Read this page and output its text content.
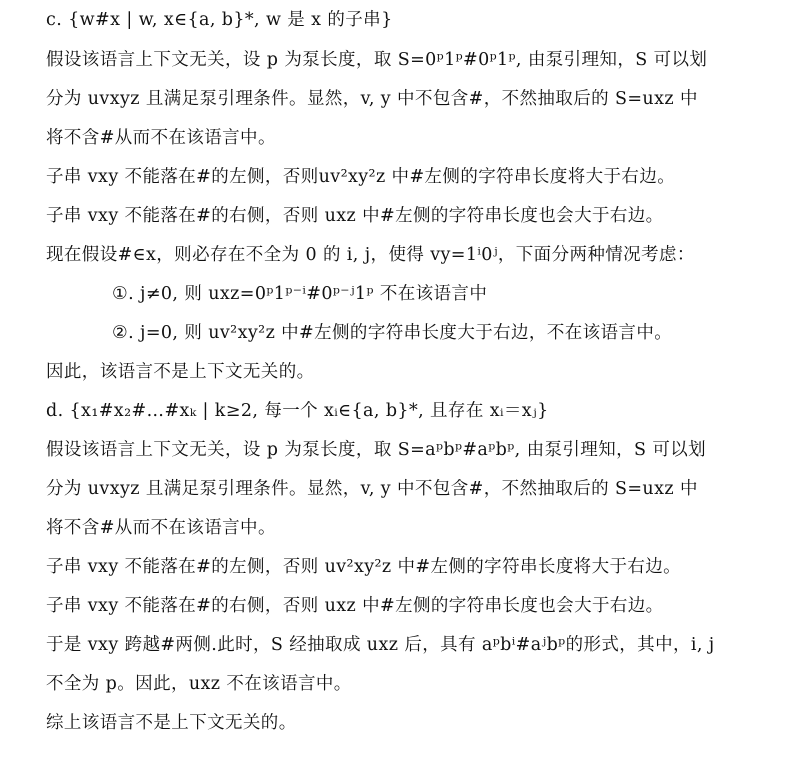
c. {w#x | w, x∈{a, b}*, w 是 x 的子串}
假设该语言上下文无关，设 p 为泵长度，取 S=0ᵖ1ᵖ#0ᵖ1ᵖ, 由泵引理知，S 可以划
分为 uvxyz 且满足泵引理条件。显然，v, y 中不包含#，不然抽取后的 S=uxz 中
将不含#从而不在该语言中。
子串 vxy 不能落在#的左侧，否则uv²xy²z 中#左侧的字符串长度将大于右边。
子串 vxy 不能落在#的右侧，否则 uxz 中#左侧的字符串长度也会大于右边。
现在假设#∈x，则必存在不全为 0 的 i, j，使得 vy=1ⁱ0ʲ，下面分两种情况考虑：
①. j≠0, 则 uxz=0ᵖ1ᵖ⁻ⁱ#0ᵖ⁻ʲ1ᵖ 不在该语言中
②. j=0, 则 uv²xy²z 中#左侧的字符串长度大于右边，不在该语言中。
因此，该语言不是上下文无关的。
d. {x₁#x₂#…#xₖ | k≥2, 每一个 xᵢ∈{a, b}*, 且存在 xᵢ＝xⱼ}
假设该语言上下文无关，设 p 为泵长度，取 S=aᵖbᵖ#aᵖbᵖ, 由泵引理知，S 可以划
分为 uvxyz 且满足泵引理条件。显然，v, y 中不包含#，不然抽取后的 S=uxz 中
将不含#从而不在该语言中。
子串 vxy 不能落在#的左侧，否则 uv²xy²z 中#左侧的字符串长度将大于右边。
子串 vxy 不能落在#的右侧，否则 uxz 中#左侧的字符串长度也会大于右边。
于是 vxy 跨越#两侧.此时，S 经抽取成 uxz 后，具有 aᵖbⁱ#aʲbᵖ的形式，其中，i, j
不全为 p。因此，uxz 不在该语言中。
综上该语言不是上下文无关的。
